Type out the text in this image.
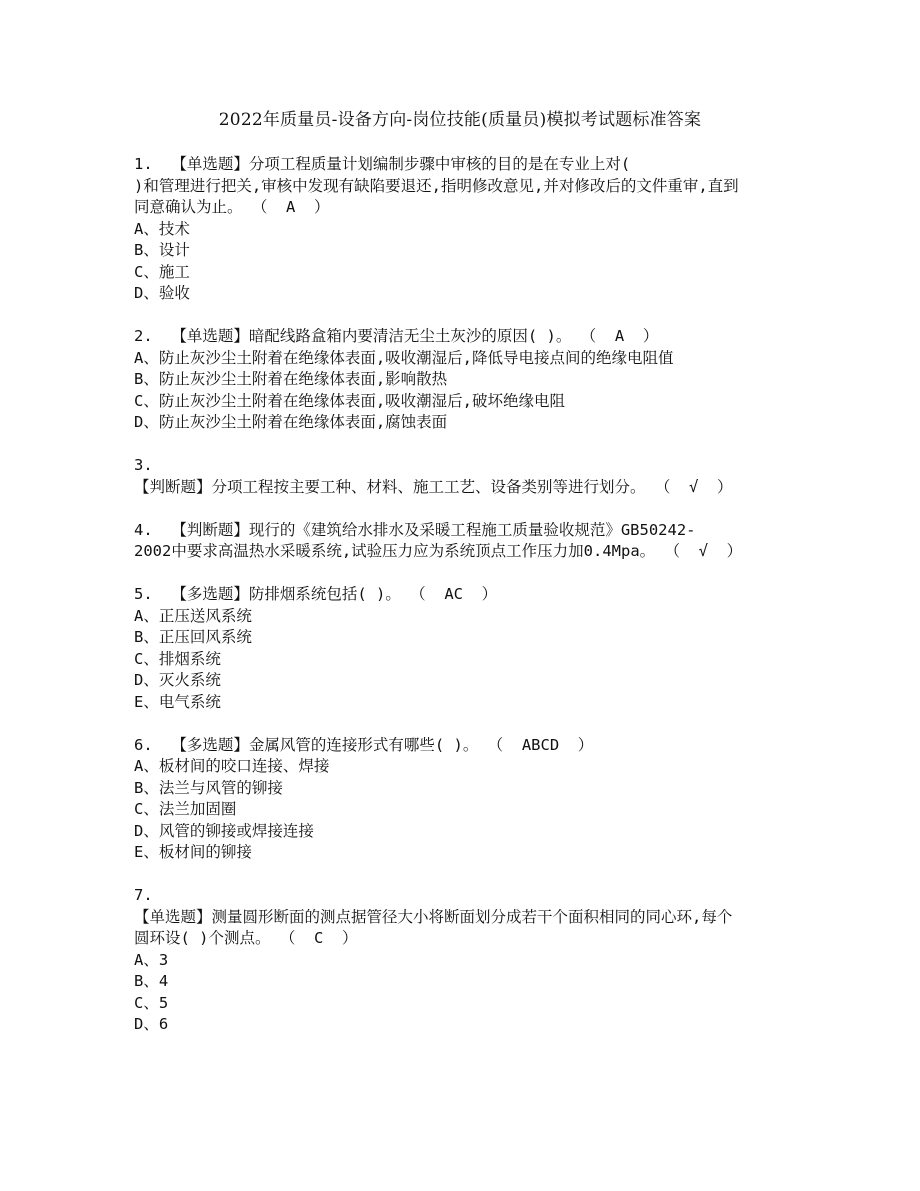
2022年质量员-设备方向-岗位技能(质量员)模拟考试题标准答案
1.  【单选题】分项工程质量计划编制步骤中审核的目的是在专业上对(
)和管理进行把关,审核中发现有缺陷要退还,指明修改意见,并对修改后的文件重审,直到
同意确认为止。 （  A  ）
A、技术
B、设计
C、施工
D、验收
2.  【单选题】暗配线路盒箱内要清洁无尘土灰沙的原因( )。 （  A  ）
A、防止灰沙尘土附着在绝缘体表面,吸收潮湿后,降低导电接点间的绝缘电阻值
B、防止灰沙尘土附着在绝缘体表面,影响散热
C、防止灰沙尘土附着在绝缘体表面,吸收潮湿后,破坏绝缘电阻
D、防止灰沙尘土附着在绝缘体表面,腐蚀表面
3.
【判断题】分项工程按主要工种、材料、施工工艺、设备类别等进行划分。 （  √  ）
4.  【判断题】现行的《建筑给水排水及采暖工程施工质量验收规范》GB50242-
2002中要求高温热水采暖系统,试验压力应为系统顶点工作压力加0.4Mpa。 （  √  ）
5.  【多选题】防排烟系统包括( )。 （  AC  ）
A、正压送风系统
B、正压回风系统
C、排烟系统
D、灭火系统
E、电气系统
6.  【多选题】金属风管的连接形式有哪些( )。 （  ABCD  ）
A、板材间的咬口连接、焊接
B、法兰与风管的铆接
C、法兰加固圈
D、风管的铆接或焊接连接
E、板材间的铆接
7.
【单选题】测量圆形断面的测点据管径大小将断面划分成若干个面积相同的同心环,每个
圆环设( )个测点。 （  C  ）
A、3
B、4
C、5
D、6
